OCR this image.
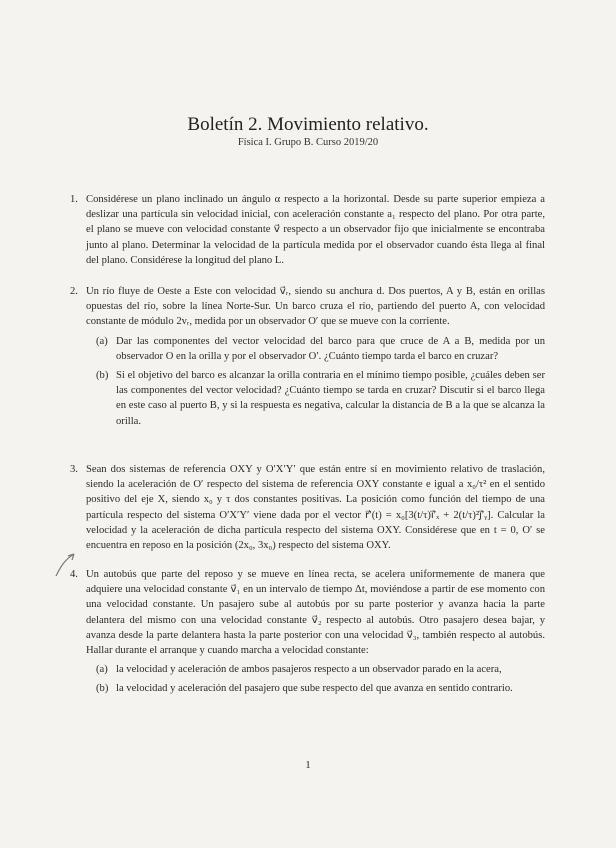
Boletín 2. Movimiento relativo.
Física I. Grupo B. Curso 2019/20
1. Considérese un plano inclinado un ángulo α respecto a la horizontal. Desde su parte superior empieza a deslizar una partícula sin velocidad inicial, con aceleración constante a₁ respecto del plano. Por otra parte, el plano se mueve con velocidad constante v⃗ respecto a un observador fijo que inicialmente se encontraba junto al plano. Determinar la velocidad de la partícula medida por el observador cuando ésta llega al final del plano. Considérese la longitud del plano L.
2. Un río fluye de Oeste a Este con velocidad v⃗ᵣ, siendo su anchura d. Dos puertos, A y B, están en orillas opuestas del río, sobre la línea Norte-Sur. Un barco cruza el río, partiendo del puerto A, con velocidad constante de módulo 2vᵣ, medida por un observador O′ que se mueve con la corriente.
(a) Dar las componentes del vector velocidad del barco para que cruce de A a B, medida por un observador O en la orilla y por el observador O′. ¿Cuánto tiempo tarda el barco en cruzar?
(b) Si el objetivo del barco es alcanzar la orilla contraria en el mínimo tiempo posible, ¿cuáles deben ser las componentes del vector velocidad? ¿Cuánto tiempo se tarda en cruzar? Discutir si el barco llega en este caso al puerto B, y si la respuesta es negativa, calcular la distancia de B a la que se alcanza la orilla.
3. Sean dos sistemas de referencia OXY y O′X′Y′ que están entre sí en movimiento relativo de traslación, siendo la aceleración de O′ respecto del sistema de referencia OXY constante e igual a x₀/τ² en el sentido positivo del eje X, siendo x₀ y τ dos constantes positivas. La posición como función del tiempo de una partícula respecto del sistema O′X′Y′ viene dada por el vector r⃗′(t) = x₀[3(t/τ)ı⃗′ₓ + 2(t/τ)²ȷ⃗′ᵧ]. Calcular la velocidad y la aceleración de dicha partícula respecto del sistema OXY. Considérese que en t = 0, O′ se encuentra en reposo en la posición (2x₀, 3x₀) respecto del sistema OXY.
4. Un autobús que parte del reposo y se mueve en línea recta, se acelera uniformemente de manera que adquiere una velocidad constante v⃗₁ en un intervalo de tiempo Δt, moviéndose a partir de ese momento con una velocidad constante. Un pasajero sube al autobús por su parte posterior y avanza hacia la parte delantera del mismo con una velocidad constante v⃗₂ respecto al autobús. Otro pasajero desea bajar, y avanza desde la parte delantera hasta la parte posterior con una velocidad v⃗₃, también respecto al autobús. Hallar durante el arranque y cuando marcha a velocidad constante:
(a) la velocidad y aceleración de ambos pasajeros respecto a un observador parado en la acera,
(b) la velocidad y aceleración del pasajero que sube respecto del que avanza en sentido contrario.
1
